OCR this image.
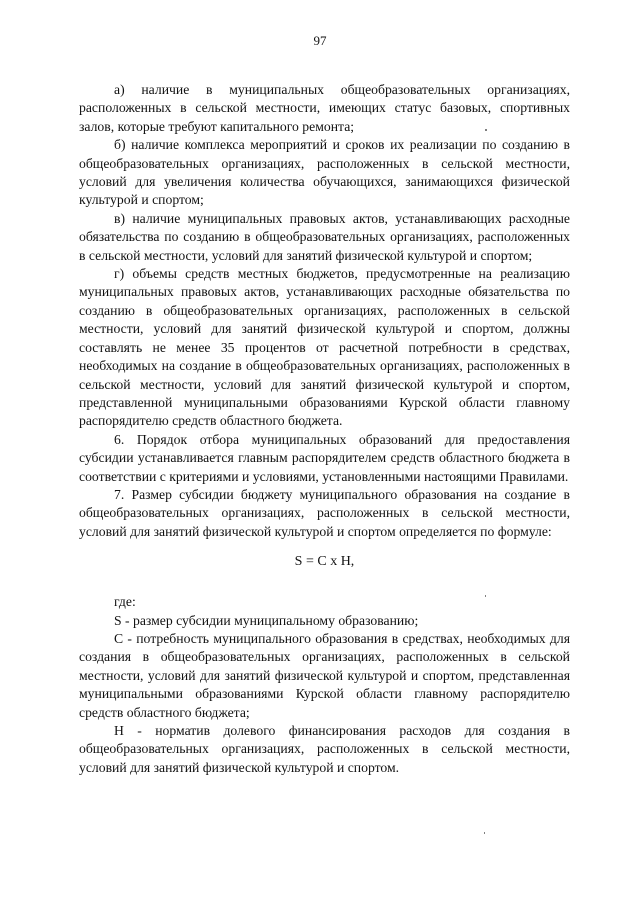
97

а) наличие в муниципальных общеобразовательных организациях, расположенных в сельской местности, имеющих статус базовых, спортивных залов, которые требуют капитального ремонта;

б) наличие комплекса мероприятий и сроков их реализации по созданию в общеобразовательных организациях, расположенных в сельской местности, условий для увеличения количества обучающихся, занимающихся физической культурой и спортом;

в) наличие муниципальных правовых актов, устанавливающих расходные обязательства по созданию в общеобразовательных организациях, расположенных в сельской местности, условий для занятий физической культурой и спортом;

г) объемы средств местных бюджетов, предусмотренные на реализацию муниципальных правовых актов, устанавливающих расходные обязательства по созданию в общеобразовательных организациях, расположенных в сельской местности, условий для занятий физической культурой и спортом, должны составлять не менее 35 процентов от расчетной потребности в средствах, необходимых на создание в общеобразовательных организациях, расположенных в сельской местности, условий для занятий физической культурой и спортом, представленной муниципальными образованиями Курской области главному распорядителю средств областного бюджета.

6. Порядок отбора муниципальных образований для предоставления субсидии устанавливается главным распорядителем средств областного бюджета в соответствии с критериями и условиями, установленными настоящими Правилами.

7. Размер субсидии бюджету муниципального образования на создание в общеобразовательных организациях, расположенных в сельской местности, условий для занятий физической культурой и спортом определяется по формуле:

S = C x H,

где:

S - размер субсидии муниципальному образованию;

С - потребность муниципального образования в средствах, необходимых для создания в общеобразовательных организациях, расположенных в сельской местности, условий для занятий физической культурой и спортом, представленная муниципальными образованиями Курской области главному распорядителю средств областного бюджета;

Н - норматив долевого финансирования расходов для создания в общеобразовательных организациях, расположенных в сельской местности, условий для занятий физической культурой и спортом.
